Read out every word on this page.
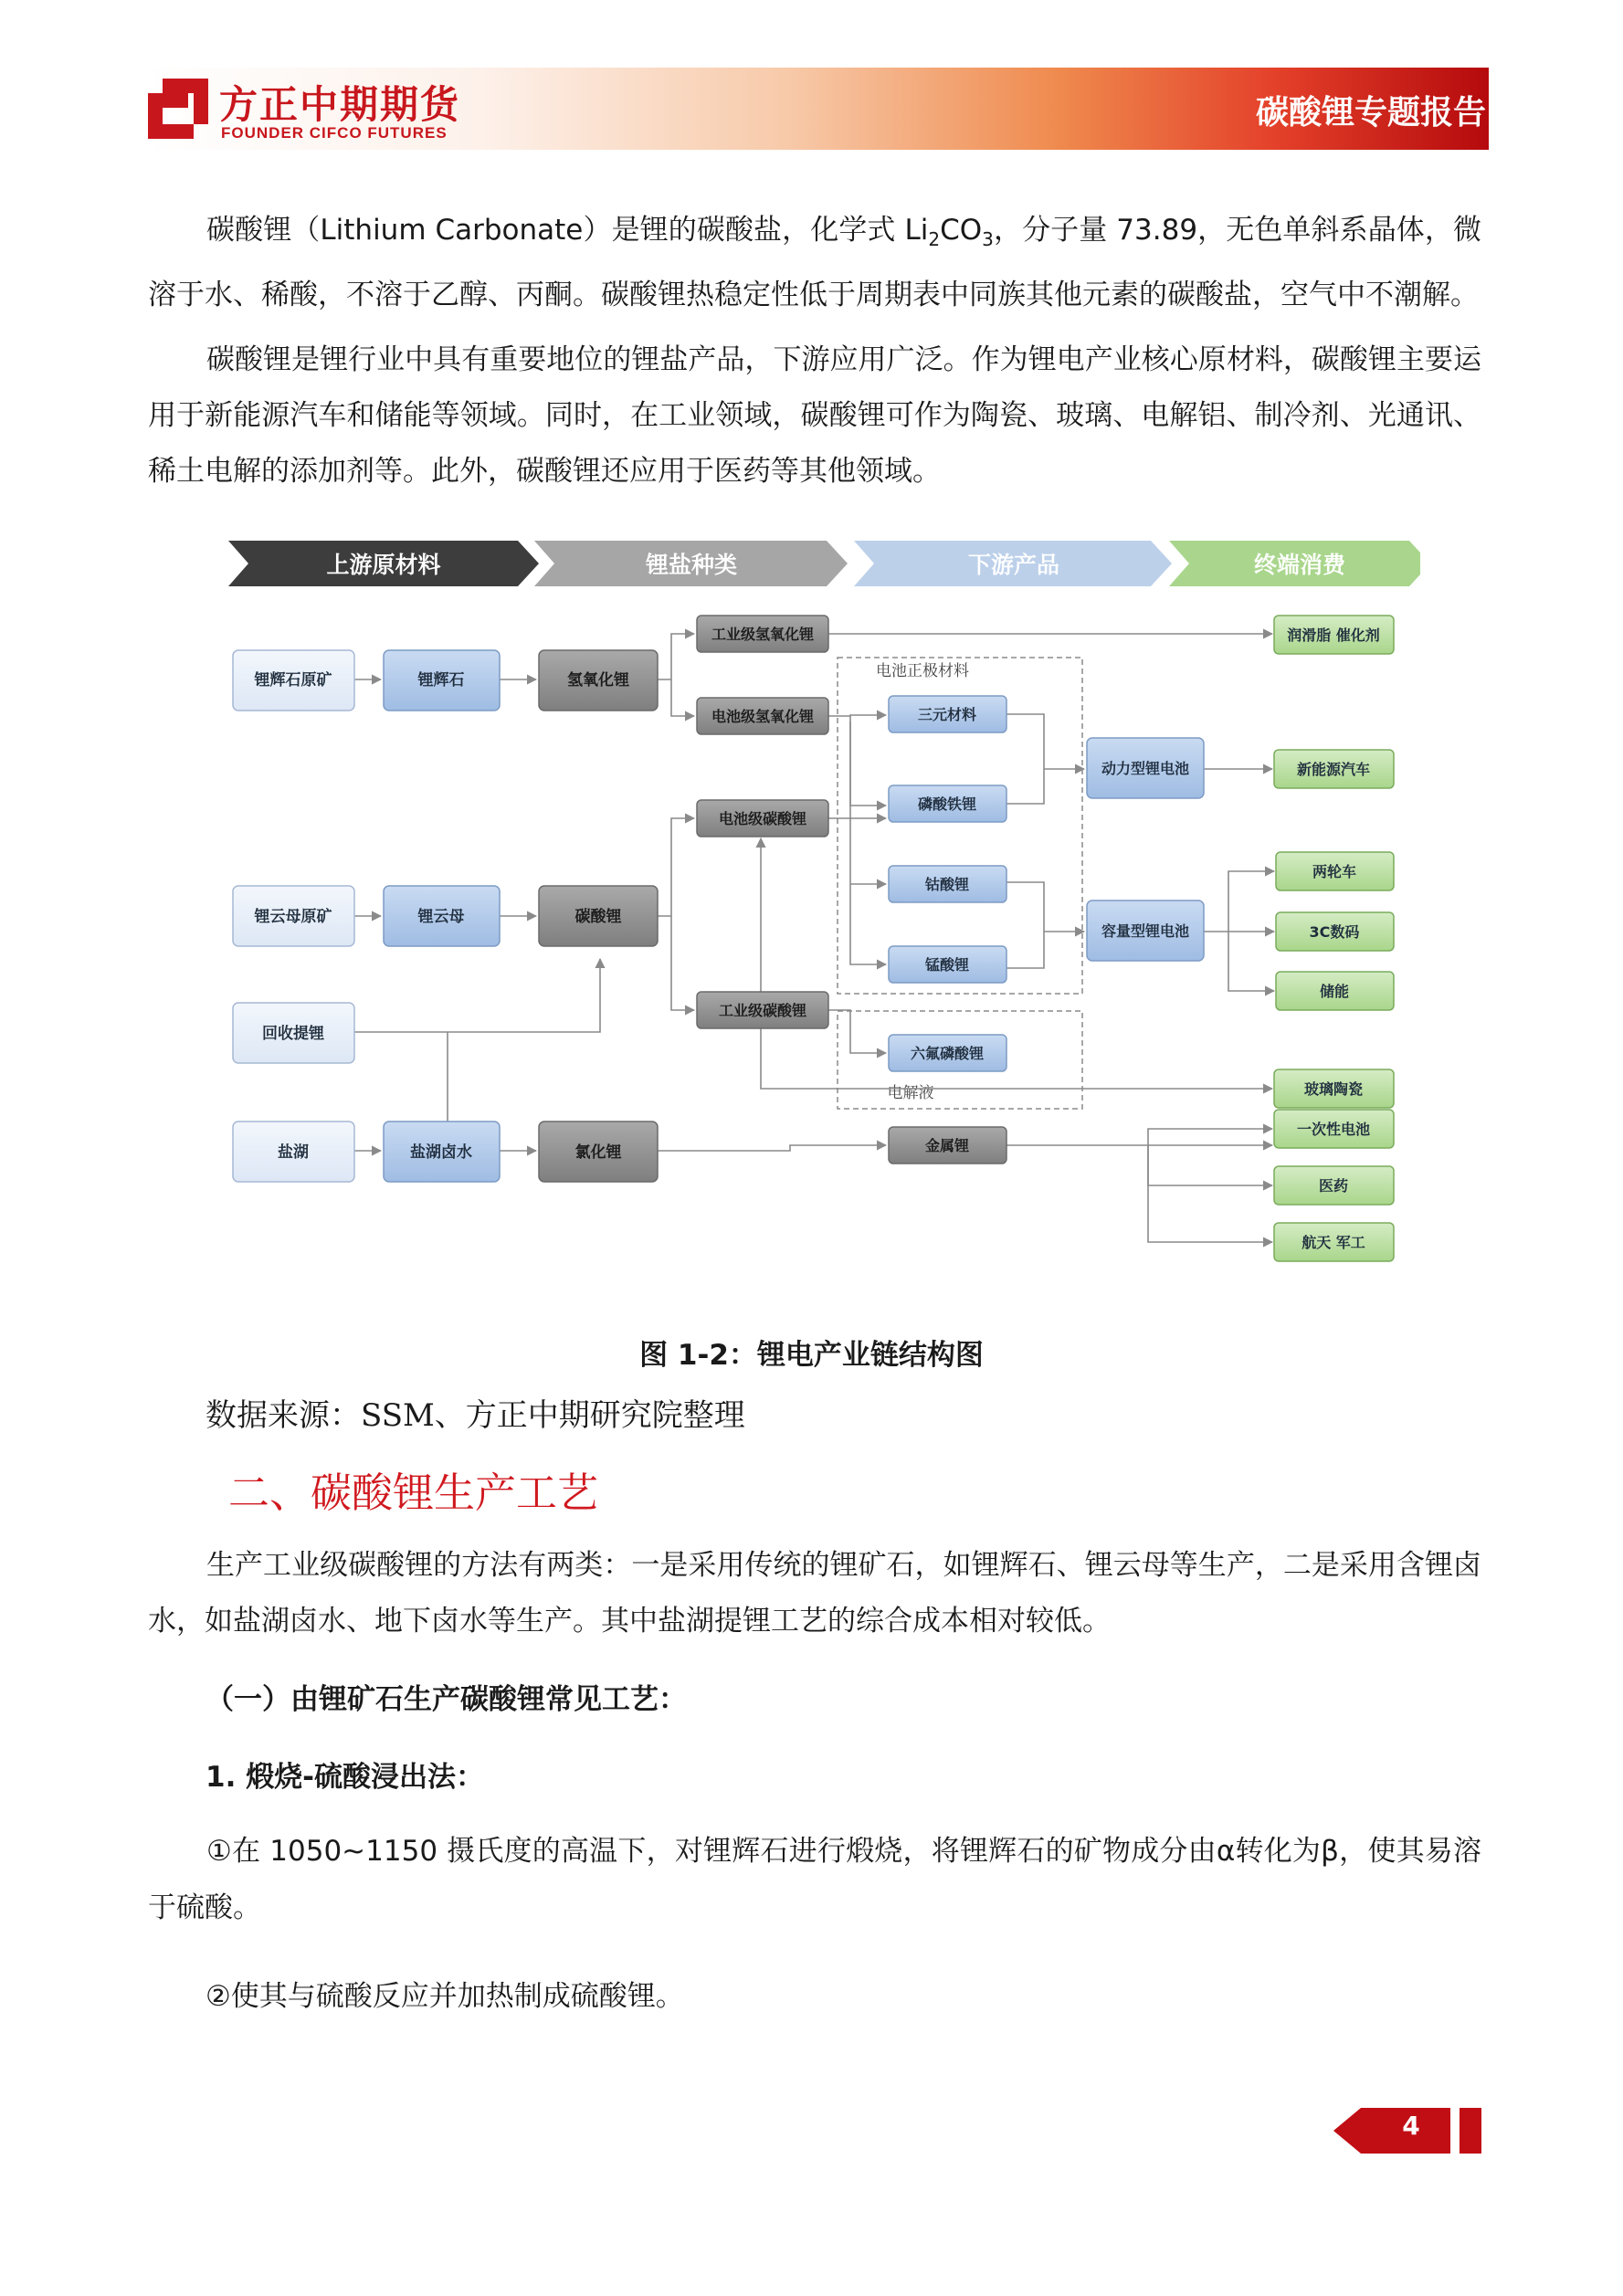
方正中期期货
FOUNDER CIFCO FUTURES
碳酸锂专题报告
碳酸锂（Lithium Carbonate）是锂的碳酸盐，化学式 $Li_2CO_3$，分子量 73.89，无色单斜系晶体，微溶于水、稀酸，不溶于乙醇、丙酮。碳酸锂热稳定性低于周期表中同族其他元素的碳酸盐，空气中不潮解。
碳酸锂是锂行业中具有重要地位的锂盐产品，下游应用广泛。作为锂电产业核心原材料，碳酸锂主要运用于新能源汽车和储能等领域。同时，在工业领域，碳酸锂可作为陶瓷、玻璃、电解铝、制冷剂、光通讯、稀土电解的添加剂等。此外，碳酸锂还应用于医药等其他领域。
上游原材料	锂盐种类	下游产品	终端消费
电池正极材料
电解液
锂辉石原矿
锂云母原矿
回收提锂
盐湖
锂辉石
锂云母
盐湖卤水
氢氧化锂
碳酸锂
氯化锂
工业级氢氧化锂
电池级氢氧化锂
电池级碳酸锂
工业级碳酸锂
金属锂
三元材料
磷酸铁锂
钴酸锂
锰酸锂
六氟磷酸锂
动力型锂电池
容量型锂电池
润滑脂 催化剂
新能源汽车
两轮车
3C数码
储能
玻璃陶瓷
一次性电池
医药
航天 军工
图 1-2：锂电产业链结构图
数据来源：SSM、方正中期研究院整理
二、碳酸锂生产工艺
生产工业级碳酸锂的方法有两类：一是采用传统的锂矿石，如锂辉石、锂云母等生产，二是采用含锂卤水，如盐湖卤水、地下卤水等生产。其中盐湖提锂工艺的综合成本相对较低。
（一）由锂矿石生产碳酸锂常见工艺：
1. 煅烧-硫酸浸出法：
①在 1050~1150 摄氏度的高温下，对锂辉石进行煅烧，将锂辉石的矿物成分由α转化为β，使其易溶于硫酸。
②使其与硫酸反应并加热制成硫酸锂。
4
